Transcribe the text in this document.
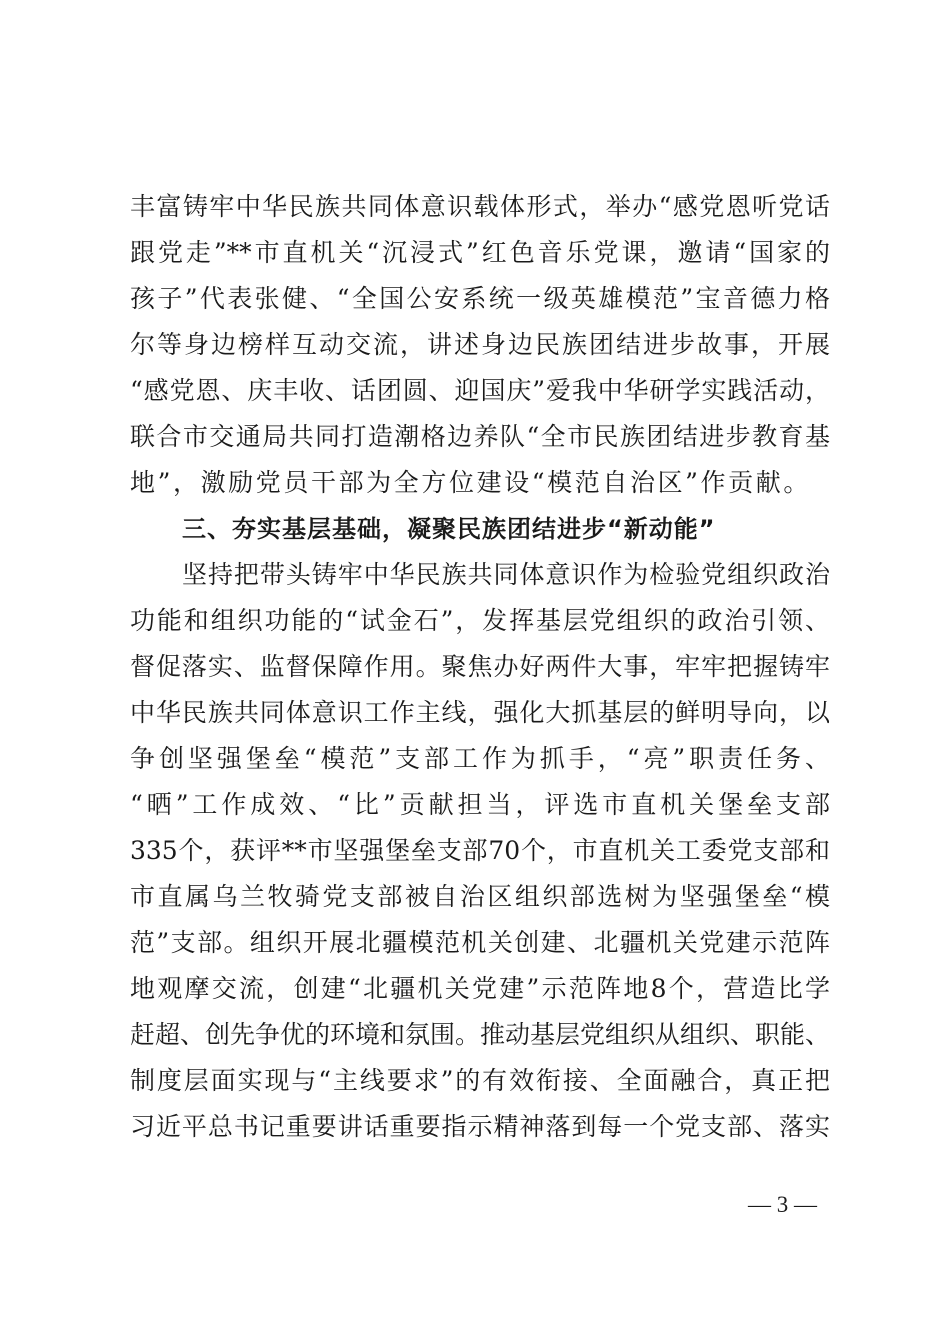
丰富铸牢中华民族共同体意识载体形式，举办“感党恩听党话
跟党走”**市直机关“沉浸式”红色音乐党课，邀请“国家的
孩子”代表张健、“全国公安系统一级英雄模范”宝音德力格
尔等身边榜样互动交流，讲述身边民族团结进步故事，开展
“感党恩、庆丰收、话团圆、迎国庆”爱我中华研学实践活动，
联合市交通局共同打造潮格边养队“全市民族团结进步教育基
地”，激励党员干部为全方位建设“模范自治区”作贡献。
三、夯实基层基础，凝聚民族团结进步“新动能”
坚持把带头铸牢中华民族共同体意识作为检验党组织政治
功能和组织功能的“试金石”，发挥基层党组织的政治引领、
督促落实、监督保障作用。聚焦办好两件大事，牢牢把握铸牢
中华民族共同体意识工作主线，强化大抓基层的鲜明导向，以
争创坚强堡垒“模范”支部工作为抓手，“亮”职责任务、
“晒”工作成效、“比”贡献担当，评选市直机关堡垒支部
335个，获评**市坚强堡垒支部70个，市直机关工委党支部和
市直属乌兰牧骑党支部被自治区组织部选树为坚强堡垒“模
范”支部。组织开展北疆模范机关创建、北疆机关党建示范阵
地观摩交流，创建“北疆机关党建”示范阵地8个，营造比学
赶超、创先争优的环境和氛围。推动基层党组织从组织、职能、
制度层面实现与“主线要求”的有效衔接、全面融合，真正把
习近平总书记重要讲话重要指示精神落到每一个党支部、落实
— 3 —
